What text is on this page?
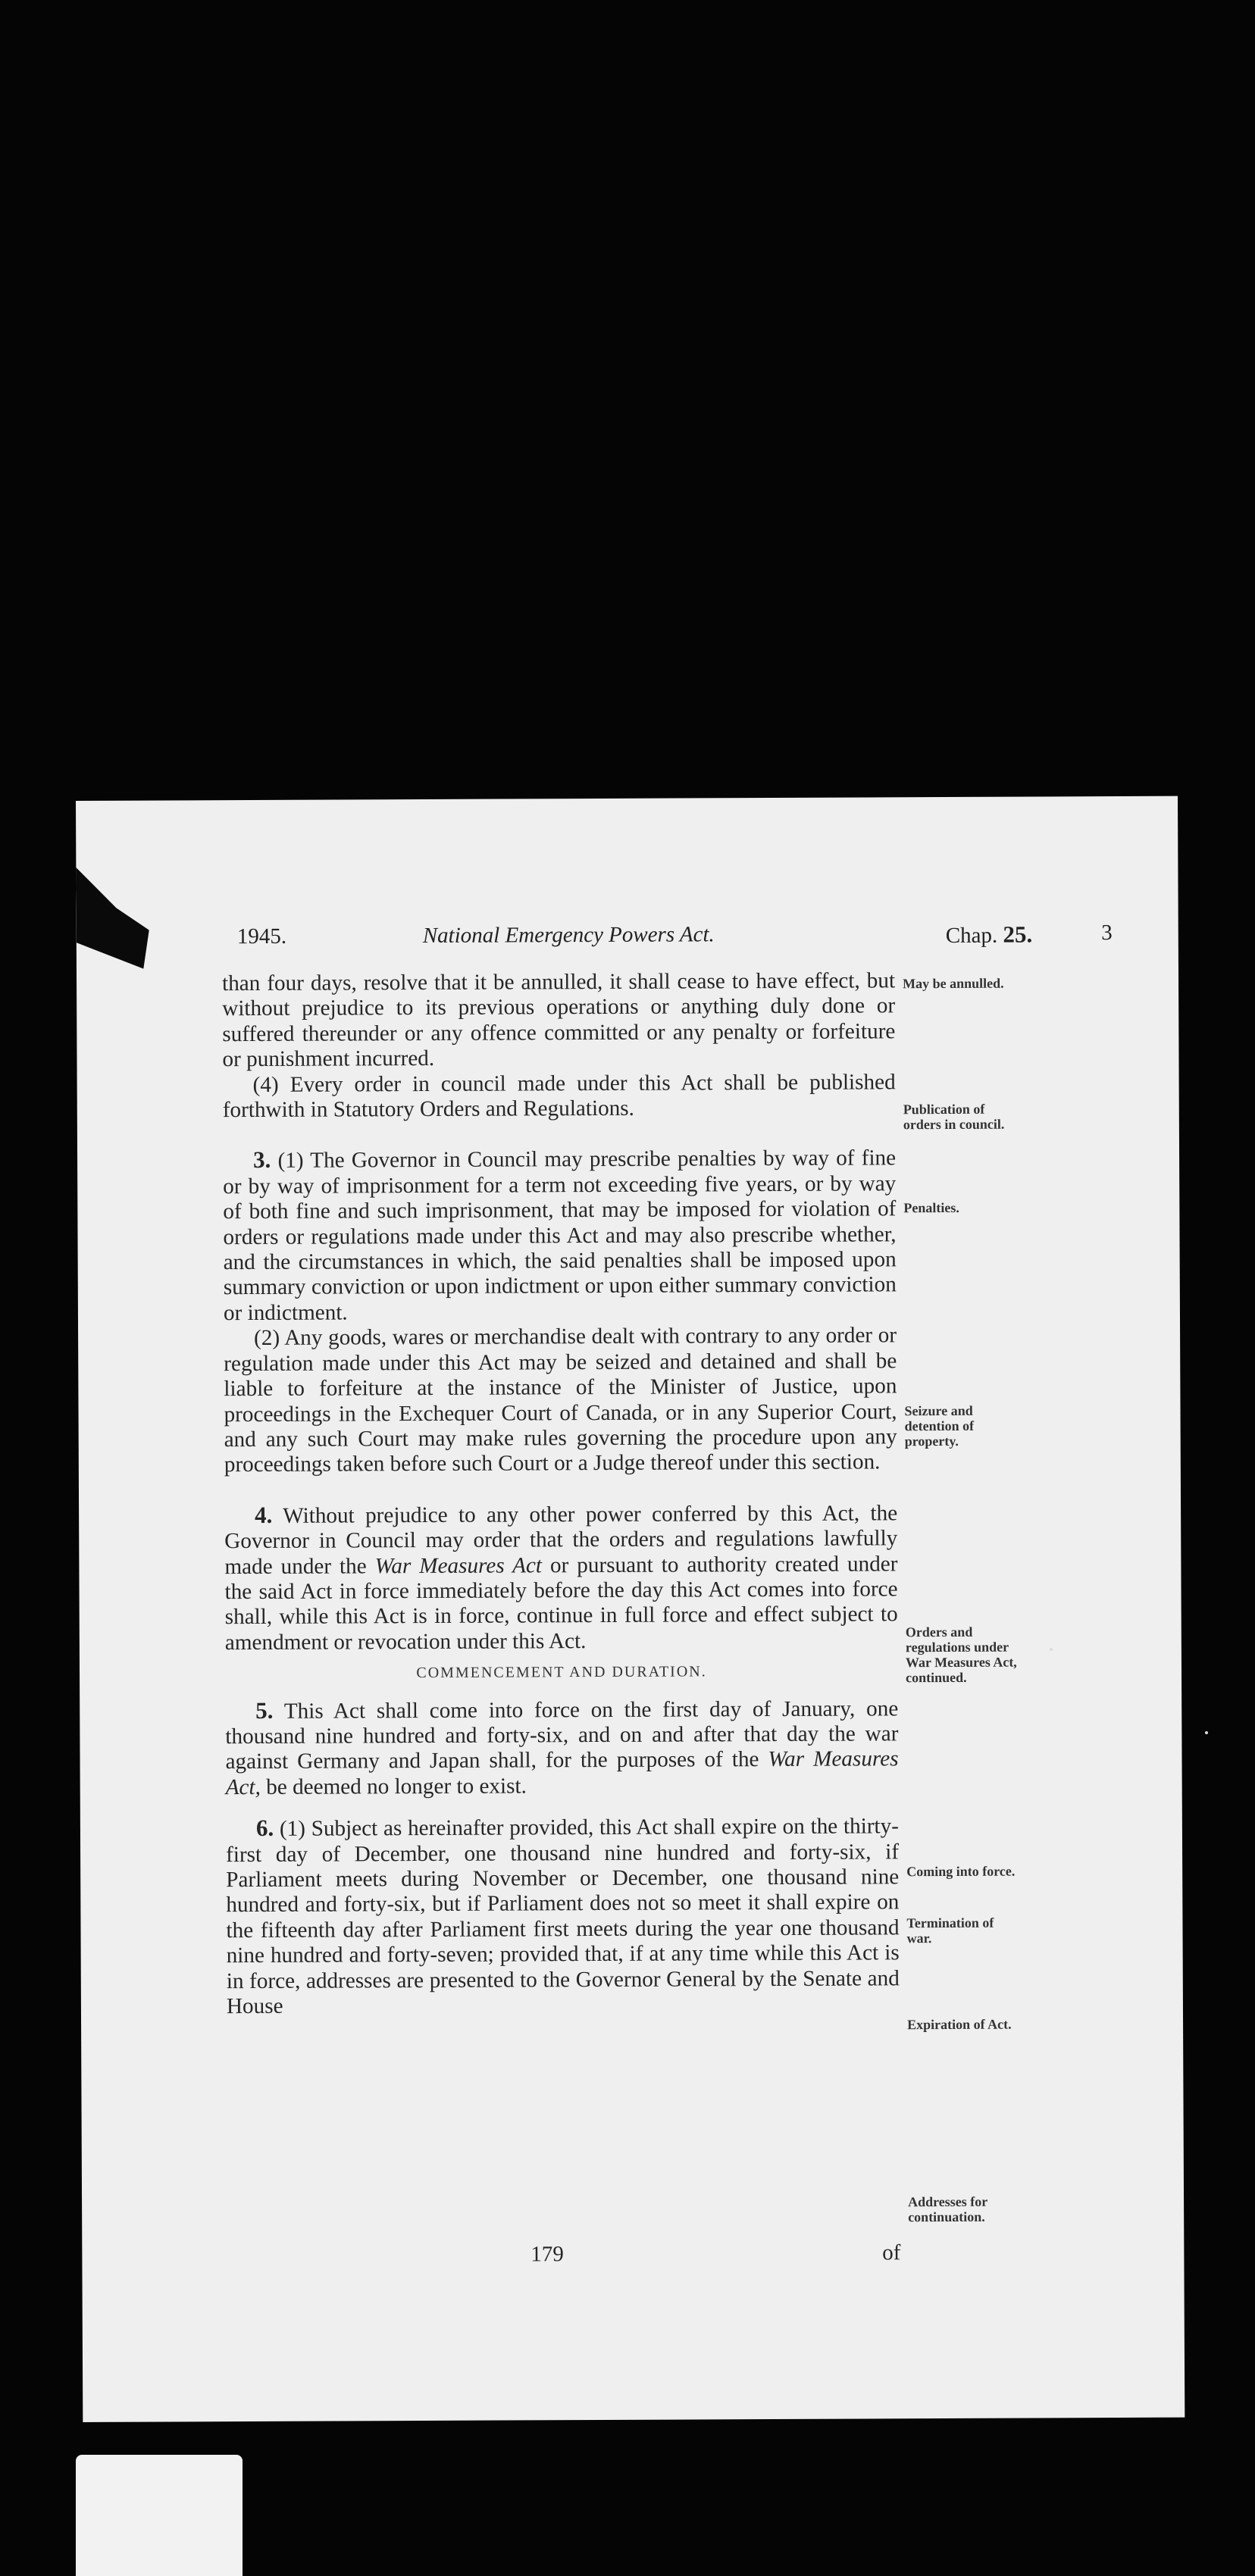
1945.	National Emergency Powers Act.	Chap. 25.	3

than four days, resolve that it be annulled, it shall cease to have effect, but without prejudice to its previous operations or anything duly done or suffered thereunder or any offence committed or any penalty or forfeiture or punishment incurred.

(4) Every order in council made under this Act shall be published forthwith in Statutory Orders and Regulations.

3. (1) The Governor in Council may prescribe penalties by way of fine or by way of imprisonment for a term not exceeding five years, or by way of both fine and such imprisonment, that may be imposed for violation of orders or regulations made under this Act and may also prescribe whether, and the circumstances in which, the said penalties shall be imposed upon summary conviction or upon indictment or upon either summary conviction or indictment.

(2) Any goods, wares or merchandise dealt with contrary to any order or regulation made under this Act may be seized and detained and shall be liable to forfeiture at the instance of the Minister of Justice, upon proceedings in the Exchequer Court of Canada, or in any Superior Court, and any such Court may make rules governing the procedure upon any proceedings taken before such Court or a Judge thereof under this section.

4. Without prejudice to any other power conferred by this Act, the Governor in Council may order that the orders and regulations lawfully made under the War Measures Act or pursuant to authority created under the said Act in force immediately before the day this Act comes into force shall, while this Act is in force, continue in full force and effect subject to amendment or revocation under this Act.

COMMENCEMENT AND DURATION.

5. This Act shall come into force on the first day of January, one thousand nine hundred and forty-six, and on and after that day the war against Germany and Japan shall, for the purposes of the War Measures Act, be deemed no longer to exist.

6. (1) Subject as hereinafter provided, this Act shall expire on the thirty-first day of December, one thousand nine hundred and forty-six, if Parliament meets during November or December, one thousand nine hundred and forty-six, but if Parliament does not so meet it shall expire on the fifteenth day after Parliament first meets during the year one thousand nine hundred and forty-seven; provided that, if at any time while this Act is in force, addresses are presented to the Governor General by the Senate and House

May be annulled.
Publication of orders in council.
Penalties.
Seizure and detention of property.
Orders and regulations under War Measures Act, continued.
Coming into force.
Termination of war.
Expiration of Act.
Addresses for continuation.
179	of
